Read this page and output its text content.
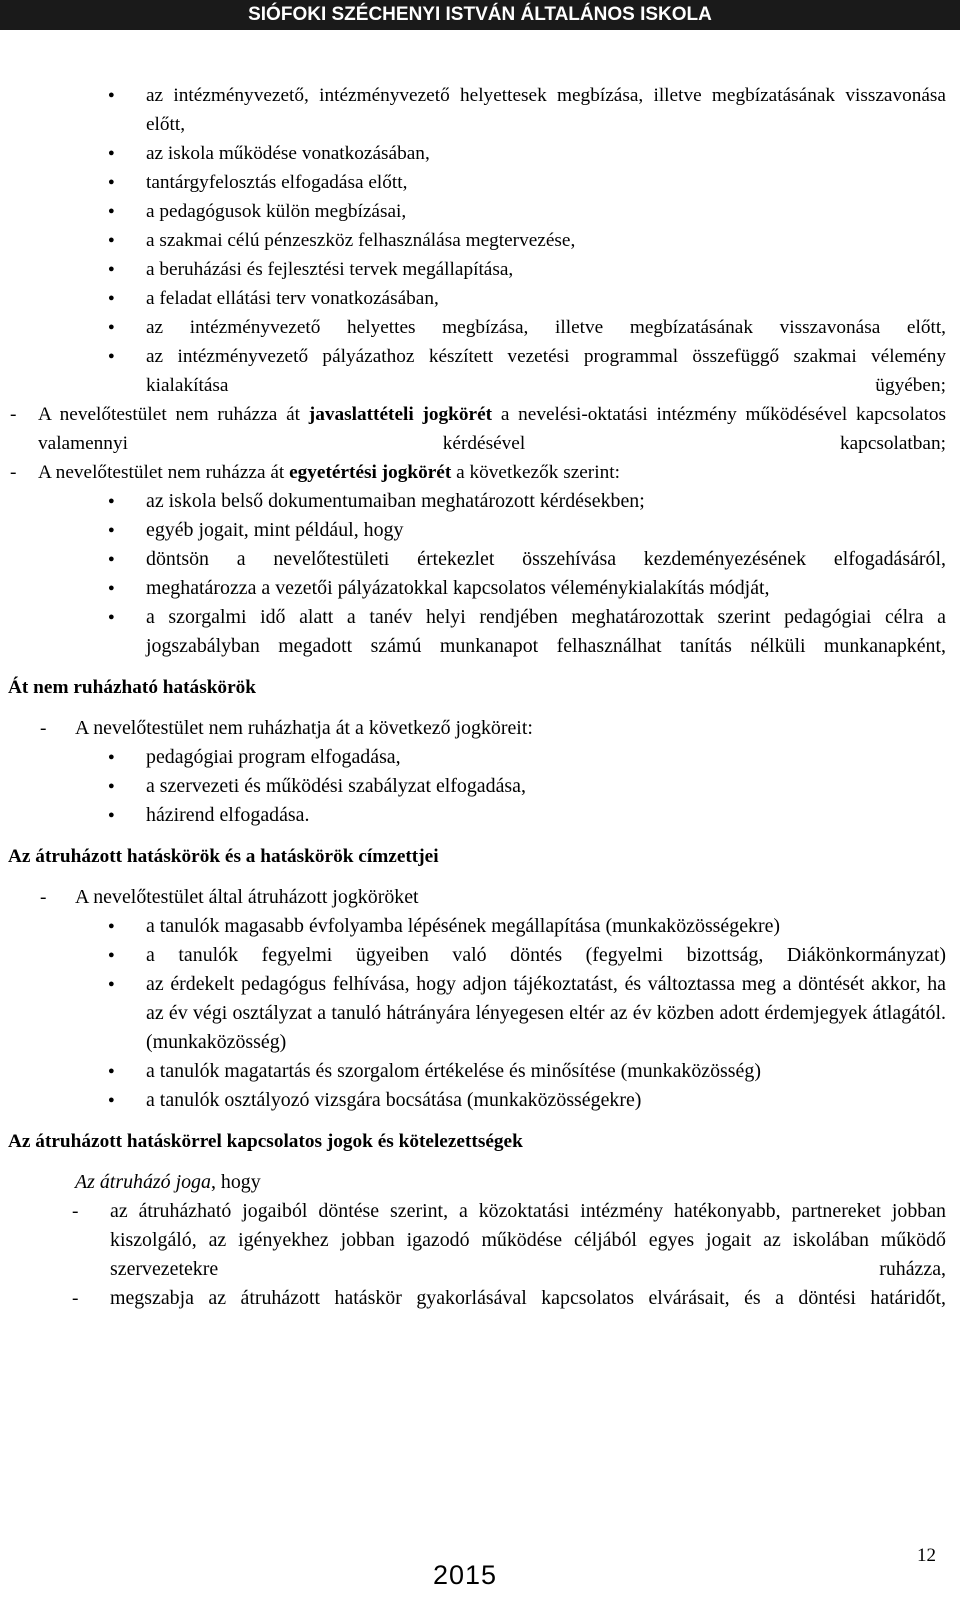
SIÓFOKI SZÉCHENYI ISTVÁN ÁLTALÁNOS ISKOLA
● az intézményvezető, intézményvezető helyettesek megbízása, illetve megbízatásának visszavonása előtt,
● az iskola működése vonatkozásában,
● tantárgyfelosztás elfogadása előtt,
● a pedagógusok külön megbízásai,
● a szakmai célú pénzeszköz felhasználása megtervezése,
● a beruházási és fejlesztési tervek megállapítása,
● a feladat ellátási terv vonatkozásában,
● az intézményvezető helyettes megbízása, illetve megbízatásának visszavonása előtt,
● az intézményvezető pályázathoz készített vezetési programmal összefüggő szakmai vélemény kialakítása ügyében;
- A nevelőtestület nem ruházza át javaslattételi jogkörét a nevelési-oktatási intézmény működésével kapcsolatos valamennyi kérdésével kapcsolatban;
- A nevelőtestület nem ruházza át egyetértési jogkörét a következők szerint:
● az iskola belső dokumentumaiban meghatározott kérdésekben;
● egyéb jogait, mint például, hogy
● döntsön a nevelőtestületi értekezlet összehívása kezdeményezésének elfogadásáról,
● meghatározza a vezetői pályázatokkal kapcsolatos véleménykialakítás módját,
● a szorgalmi idő alatt a tanév helyi rendjében meghatározottak szerint pedagógiai célra a jogszabályban megadott számú munkanapot felhasználhat tanítás nélküli munkanapként,
Át nem ruházható hatáskörök
- A nevelőtestület nem ruházhatja át a következő jogköreit:
● pedagógiai program elfogadása,
● a szervezeti és működési szabályzat elfogadása,
● házirend elfogadása.
Az átruházott hatáskörök és a hatáskörök címzettjei
- A nevelőtestület által átruházott jogköröket
● a tanulók magasabb évfolyamba lépésének megállapítása (munkaközösségekre)
● a tanulók fegyelmi ügyeiben való döntés (fegyelmi bizottság, Diákönkormányzat)
● az érdekelt pedagógus felhívása, hogy adjon tájékoztatást, és változtassa meg a döntését akkor, ha az év végi osztályzat a tanuló hátrányára lényegesen eltér az év közben adott érdemjegyek átlagától. (munkaközösség)
● a tanulók magatartás és szorgalom értékelése és minősítése (munkaközösség)
● a tanulók osztályozó vizsgára bocsátása (munkaközösségekre)
Az átruházott hatáskörrel kapcsolatos jogok és kötelezettségek
Az átruházó joga, hogy
- az átruházható jogaiból döntése szerint, a közoktatási intézmény hatékonyabb, partnereket jobban kiszolgáló, az igényekhez jobban igazodó működése céljából egyes jogait az iskolában működő szervezetekre ruházza,
- megszabja az átruházott hatáskör gyakorlásával kapcsolatos elvárásait, és a döntési határidőt,
12
2015
